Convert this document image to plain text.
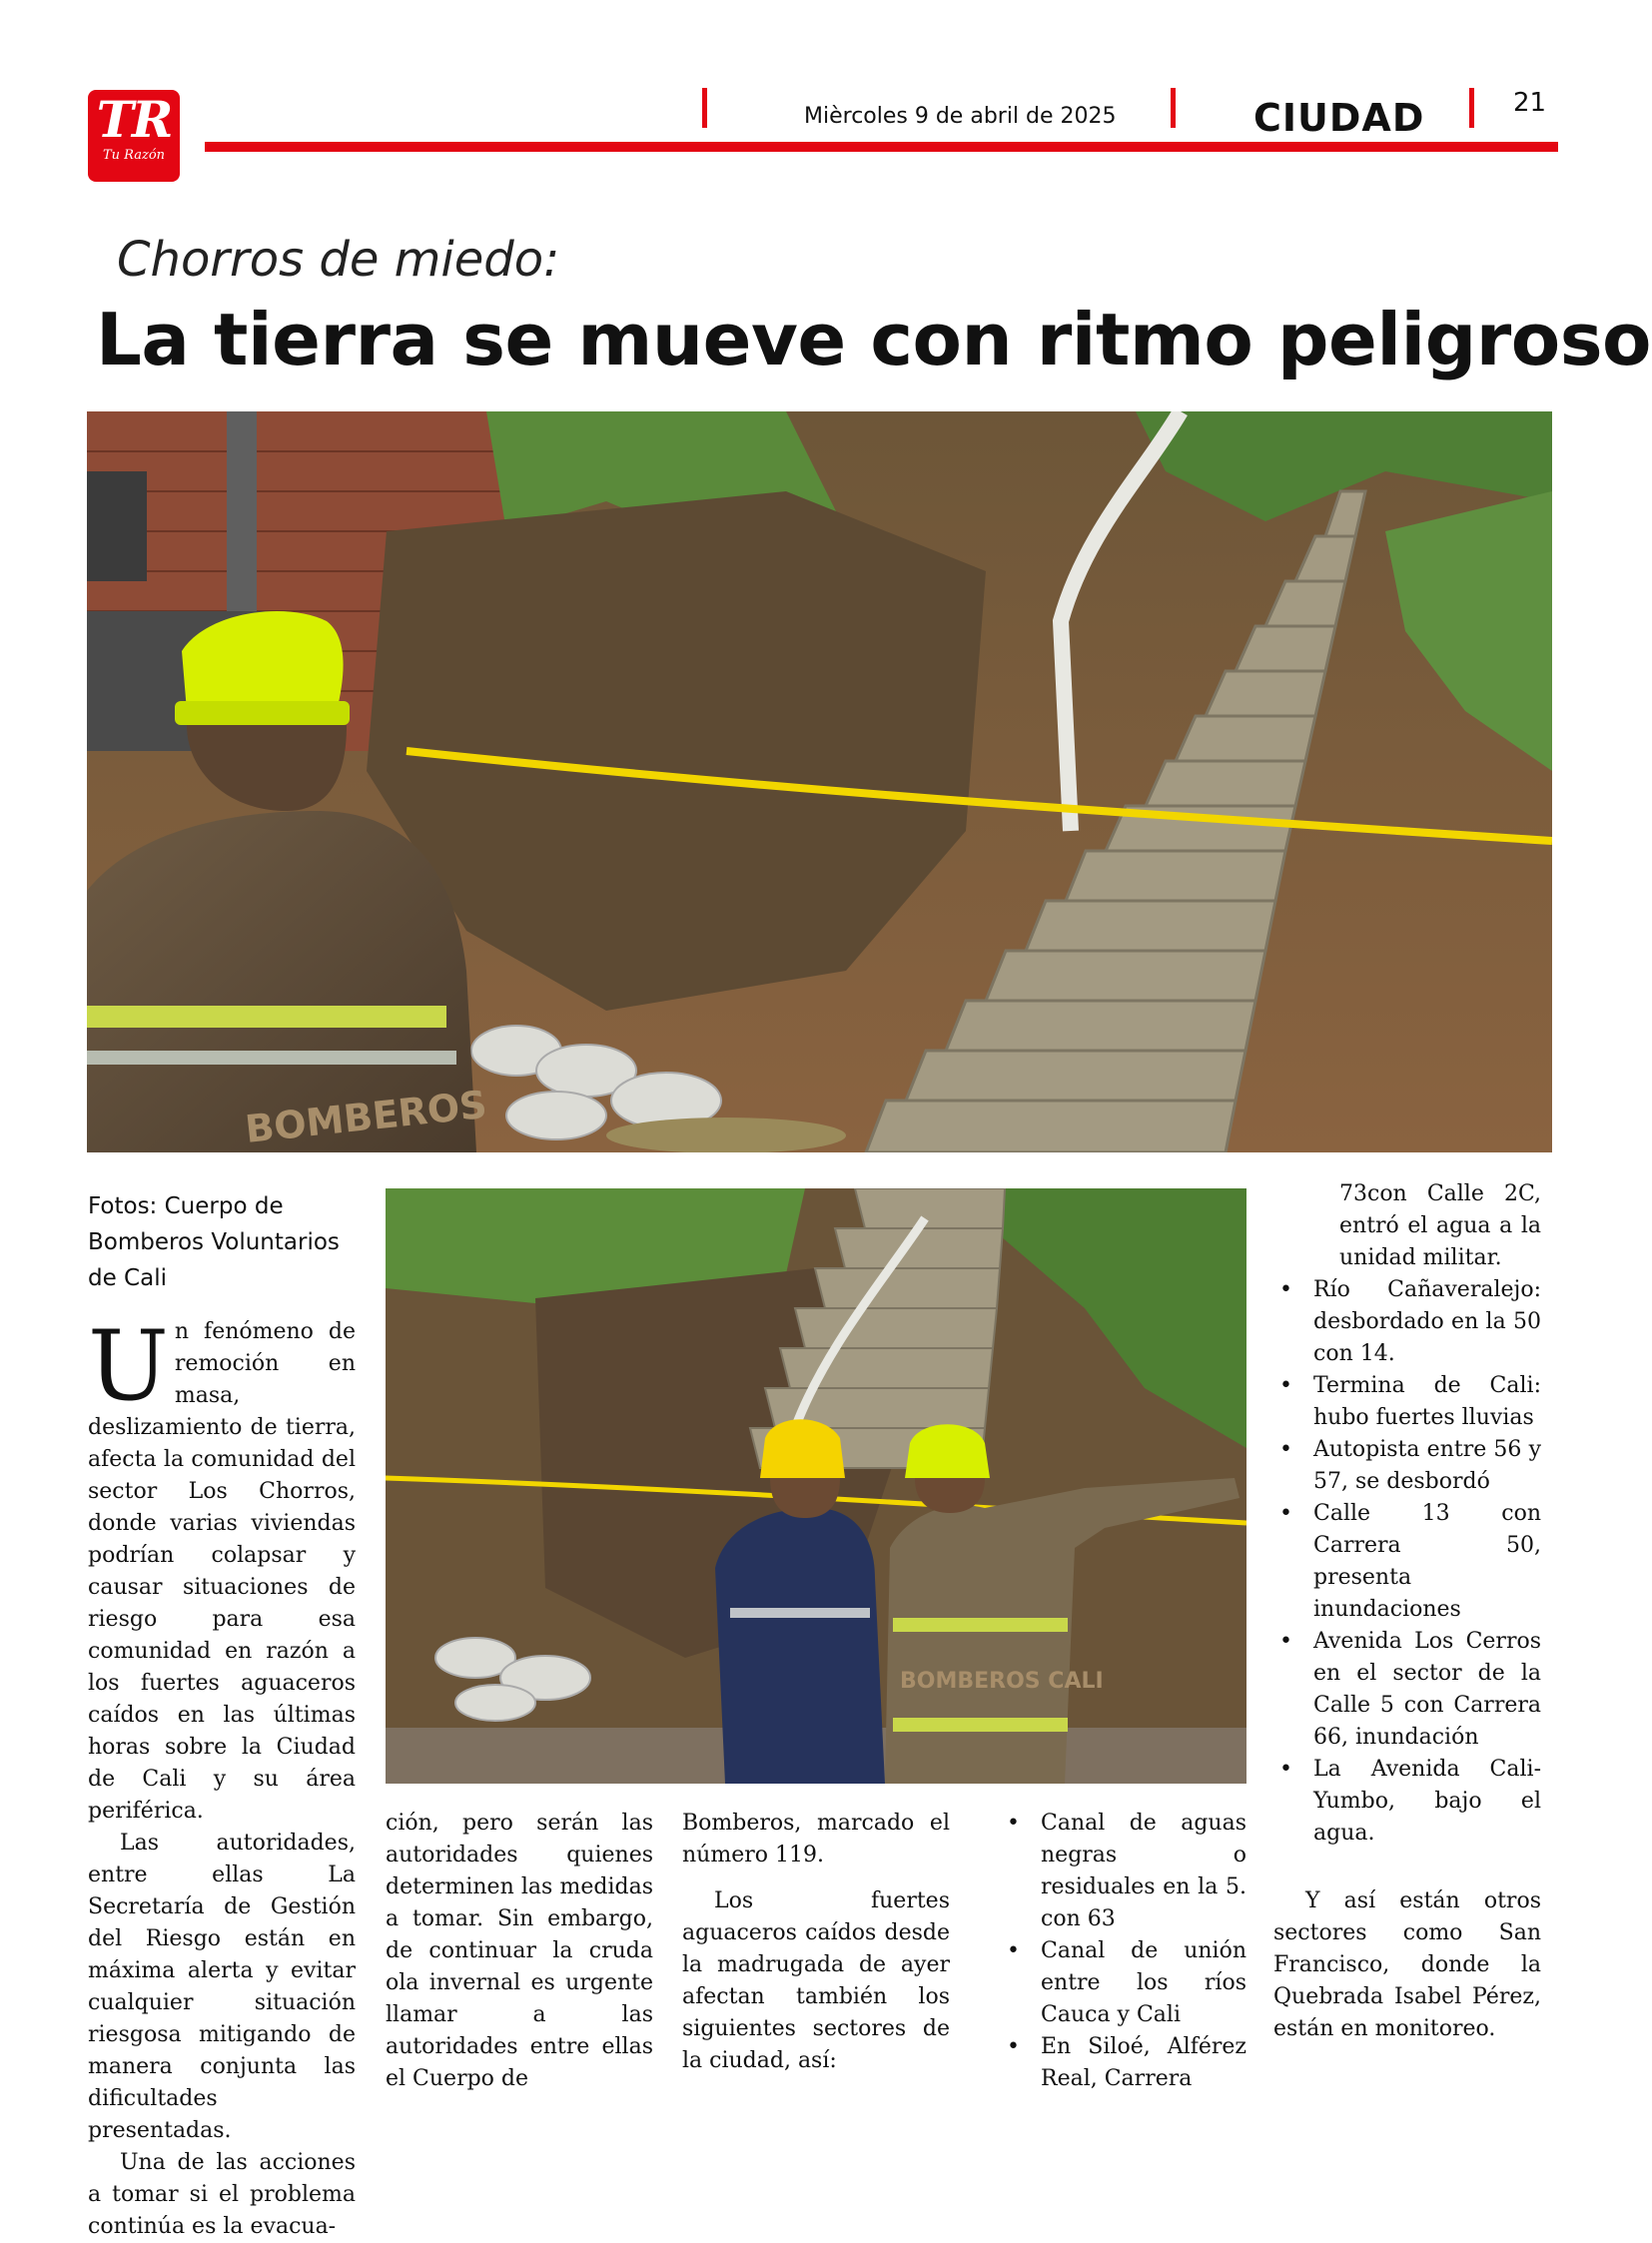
TR
Tu Razón
Mièrcoles 9 de abril de 2025	CIUDAD	21
Chorros de miedo:
La tierra se mueve con ritmo peligroso
BOMBEROS
BOMBEROS CALI
Fotos: Cuerpo de Bomberos Voluntarios de Cali

Un fenómeno de remoción en masa, deslizamiento de tierra, afecta la comunidad del sector Los Chorros, donde varias viviendas podrían colapsar y causar situaciones de riesgo para esa comunidad en razón a los fuertes aguaceros caídos en las últimas horas sobre la Ciudad de Cali y su área periférica.

Las autoridades, entre ellas La Secretaría de Gestión del Riesgo están en máxima alerta y evitar cualquier situación riesgosa mitigando de manera conjunta las dificultades presentadas.

Una de las acciones a tomar si el problema continúa es la evacua-

ción, pero serán las autoridades quienes determinen las medidas a tomar. Sin embargo, de continuar la cruda ola invernal es urgente llamar a las autoridades entre ellas el Cuerpo de

Bomberos, marcado el número 119.

Los fuertes aguaceros caídos desde la madrugada de ayer afectan también los siguientes sectores de la ciudad, así:

• Canal de aguas negras o residuales en la 5. con 63
• Canal de unión entre los ríos Cauca y Cali
• En Siloé, Alférez Real, Carrera

73con Calle 2C, entró el agua a la unidad militar.

• Río Cañaveralejo: desbordado en la 50 con 14.
• Termina de Cali: hubo fuertes lluvias
• Autopista entre 56 y 57, se desbordó
• Calle 13 con Carrera 50, presenta inundaciones
• Avenida Los Cerros en el sector de la Calle 5 con Carrera 66, inundación
• La Avenida Cali-Yumbo, bajo el agua.

Y así están otros sectores como San Francisco, donde la Quebrada Isabel Pérez, están en monitoreo.
